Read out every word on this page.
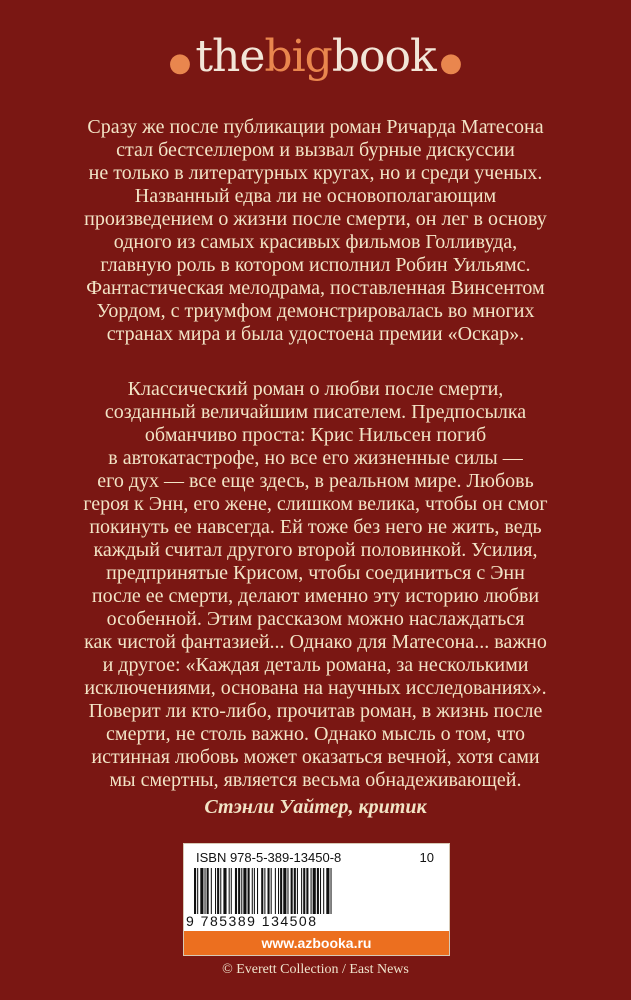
●thebigbook ●

Сразу же после публикации роман Ричарда Матесона
стал бестселлером и вызвал бурные дискуссии
не только в литературных кругах, но и среди ученых.
Названный едва ли не основополагающим
произведением о жизни после смерти, он лег в основу
одного из самых красивых фильмов Голливуда,
главную роль в котором исполнил Робин Уильямс.
Фантастическая мелодрама, поставленная Винсентом
Уордом, с триумфом демонстрировалась во многих
странах мира и была удостоена премии «Оскар».

Классический роман о любви после смерти,
созданный величайшим писателем. Предпосылка
обманчиво проста: Крис Нильсен погиб
в автокатастрофе, но все его жизненные силы —
его дух — все еще здесь, в реальном мире. Любовь
героя к Энн, его жене, слишком велика, чтобы он смог
покинуть ее навсегда. Ей тоже без него не жить, ведь
каждый считал другого второй половинкой. Усилия,
предпринятые Крисом, чтобы соединиться с Энн
после ее смерти, делают именно эту историю любви
особенной. Этим рассказом можно наслаждаться
как чистой фантазией... Однако для Матесона... важно
и другое: «Каждая деталь романа, за несколькими
исключениями, основана на научных исследованиях».
Поверит ли кто-либо, прочитав роман, в жизнь после
смерти, не столь важно. Однако мысль о том, что
истинная любовь может оказаться вечной, хотя сами
мы смертны, является весьма обнадеживающей.

Стэнли Уайтер, критик
ISBN 978-5-389-13450-8	10
9 785389 134508
www.azbooka.ru
© Everett Collection / East News
